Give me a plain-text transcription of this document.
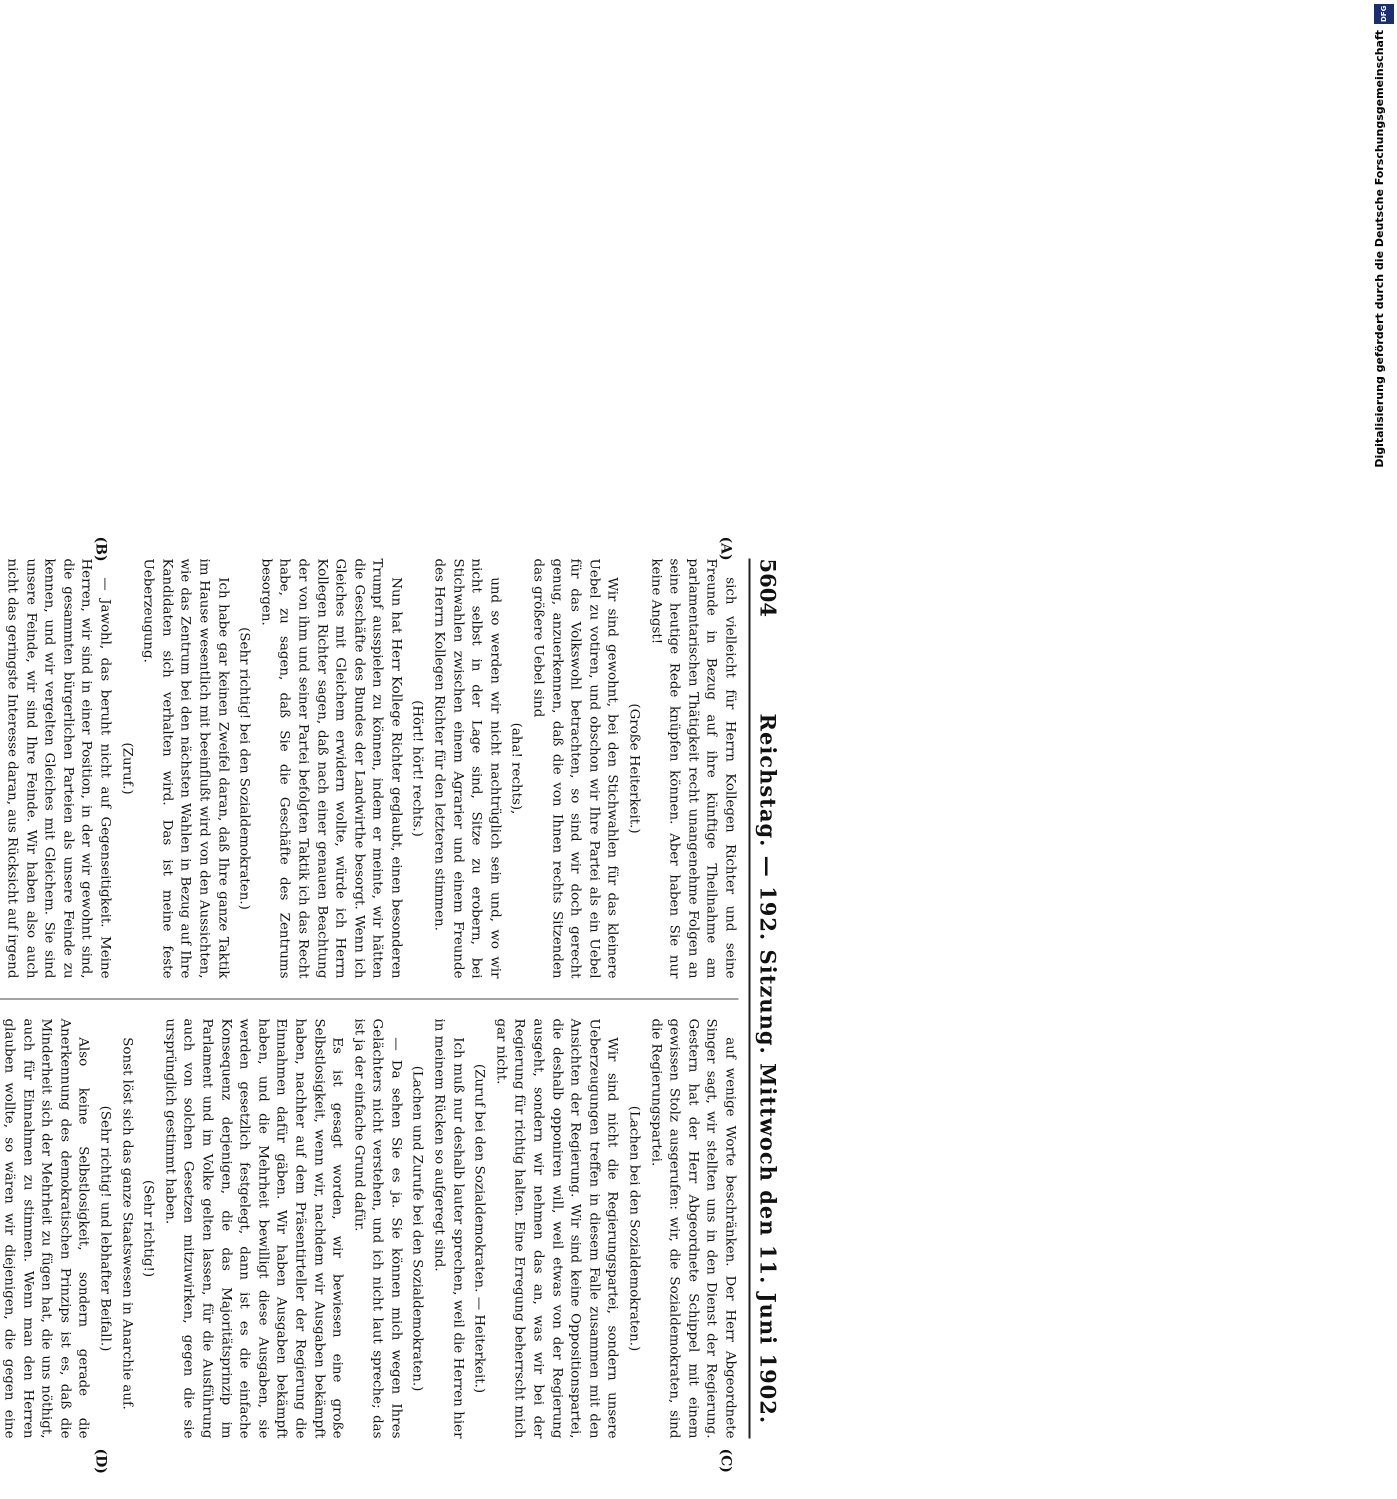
5604
Reichstag. — 192. Sitzung. Mittwoch den 11. Juni 1902.
(A)
(B)
(C)
(D)

sich vielleicht für Herrn Kollegen Richter und seine Freunde in Bezug auf ihre künftige Theilnahme am parlamentarischen Thätigkeit recht unangenehme Folgen an seine heutige Rede knüpfen können. Aber haben Sie nur keine Angst!

(Große Heiterkeit.)

Wir sind gewohnt, bei den Stichwahlen für das kleinere Uebel zu votiren, und obschon wir Ihre Partei als ein Uebel für das Volkswohl betrachten, so sind wir doch gerecht genug, anzuerkennen, daß die von Ihnen rechts Sitzenden das größere Uebel sind

(aha! rechts),

und so werden wir nicht nachtrüglich sein und, wo wir nicht selbst in der Lage sind, Sitze zu erobern, bei Stichwahlen zwischen einem Agrarier und einem Freunde des Herrn Kollegen Richter für den letzteren stimmen.

(Hört! hört! rechts.)

Nun hat Herr Kollege Richter geglaubt, einen besonderen Trumpf ausspielen zu können, indem er meinte, wir hätten die Geschäfte des Bundes der Landwirthe besorgt. Wenn ich Gleiches mit Gleichem erwidern wollte, würde ich Herrn Kollegen Richter sagen, daß nach einer genauen Beachtung der von ihm und seiner Partei befolgten Taktik ich das Recht habe, zu sagen, daß Sie die Geschäfte des Zentrums besorgen.

(Sehr richtig! bei den Sozialdemokraten.)

Ich habe gar keinen Zweifel daran, daß Ihre ganze Taktik im Hause wesentlich mit beeinflußt wird von den Aussichten, wie das Zentrum bei den nächsten Wahlen in Bezug auf Ihre Kandidaten sich verhalten wird. Das ist meine feste Ueberzeugung.

(Zuruf.)

— Jawohl, das beruht nicht auf Gegenseitigkeit. Meine Herren, wir sind in einer Position, in der wir gewohnt sind, die gesammten bürgerlichen Parteien als unsere Feinde zu kennen, und wir vergelten Gleiches mit Gleichem. Sie sind unsere Feinde, wir sind Ihre Feinde. Wir haben also auch nicht das geringste Interesse daran, aus Rücksicht auf irgend

auf wenige Worte beschränken. Der Herr Abgeordnete Singer sagt, wir stellten uns in den Dienst der Regierung. Gestern hat der Herr Abgeordnete Schippel mit einem gewissen Stolz ausgerufen: wir, die Sozialdemokraten, sind die Regierungspartei.

(Lachen bei den Sozialdemokraten.)

Wir sind nicht die Regierungspartei, sondern unsere Ueberzeugungen treffen in diesem Falle zusammen mit den Ansichten der Regierung. Wir sind keine Oppositionspartei, die deshalb opponiren will, weil etwas von der Regierung ausgeht, sondern wir nehmen das an, was wir bei der Regierung für richtig halten. Eine Erregung beherrscht mich gar nicht.

(Zuruf bei den Sozialdemokraten. — Heiterkeit.)

Ich muß nur deshalb lauter sprechen, weil die Herren hier in meinem Rücken so aufgeregt sind.

(Lachen und Zurufe bei den Sozialdemokraten.)

— Da sehen Sie es ja. Sie können mich wegen Ihres Gelächters nicht verstehen, und ich nicht laut spreche; das ist ja der einfache Grund dafür.

Es ist gesagt worden, wir bewiesen eine große Selbstlosigkeit, wenn wir, nachdem wir Ausgaben bekämpft haben, nachher auf dem Präsentirteller der Regierung die Einnahmen dafür gäben. Wir haben Ausgaben bekämpft haben, und die Mehrheit bewilligt diese Ausgaben, sie werden gesetzlich festgelegt, dann ist es die einfache Konsequenz derjenigen, die das Majoritätsprinzip im Parlament und im Volke gelten lassen, für die Ausführung auch von solchen Gesetzen mitzuwirken, gegen die sie ursprünglich gestimmt haben.

(Sehr richtig!)

Sonst löst sich das ganze Staatswesen in Anarchie auf.

(Sehr richtig! und lebhafter Beifall.)

Also keine Selbstlosigkeit, sondern gerade die Anerkennung des demokratischen Prinzips ist es, daß die Minderheit sich der Mehrheit zu fügen hat, die uns nöthigt, auch für Einnahmen zu stimmen. Wenn man den Herren glauben wollte, so wären wir diejenigen, die gegen eine

DFG
Digitalisierung gefördert durch die Deutsche Forschungsgemeinschaft
